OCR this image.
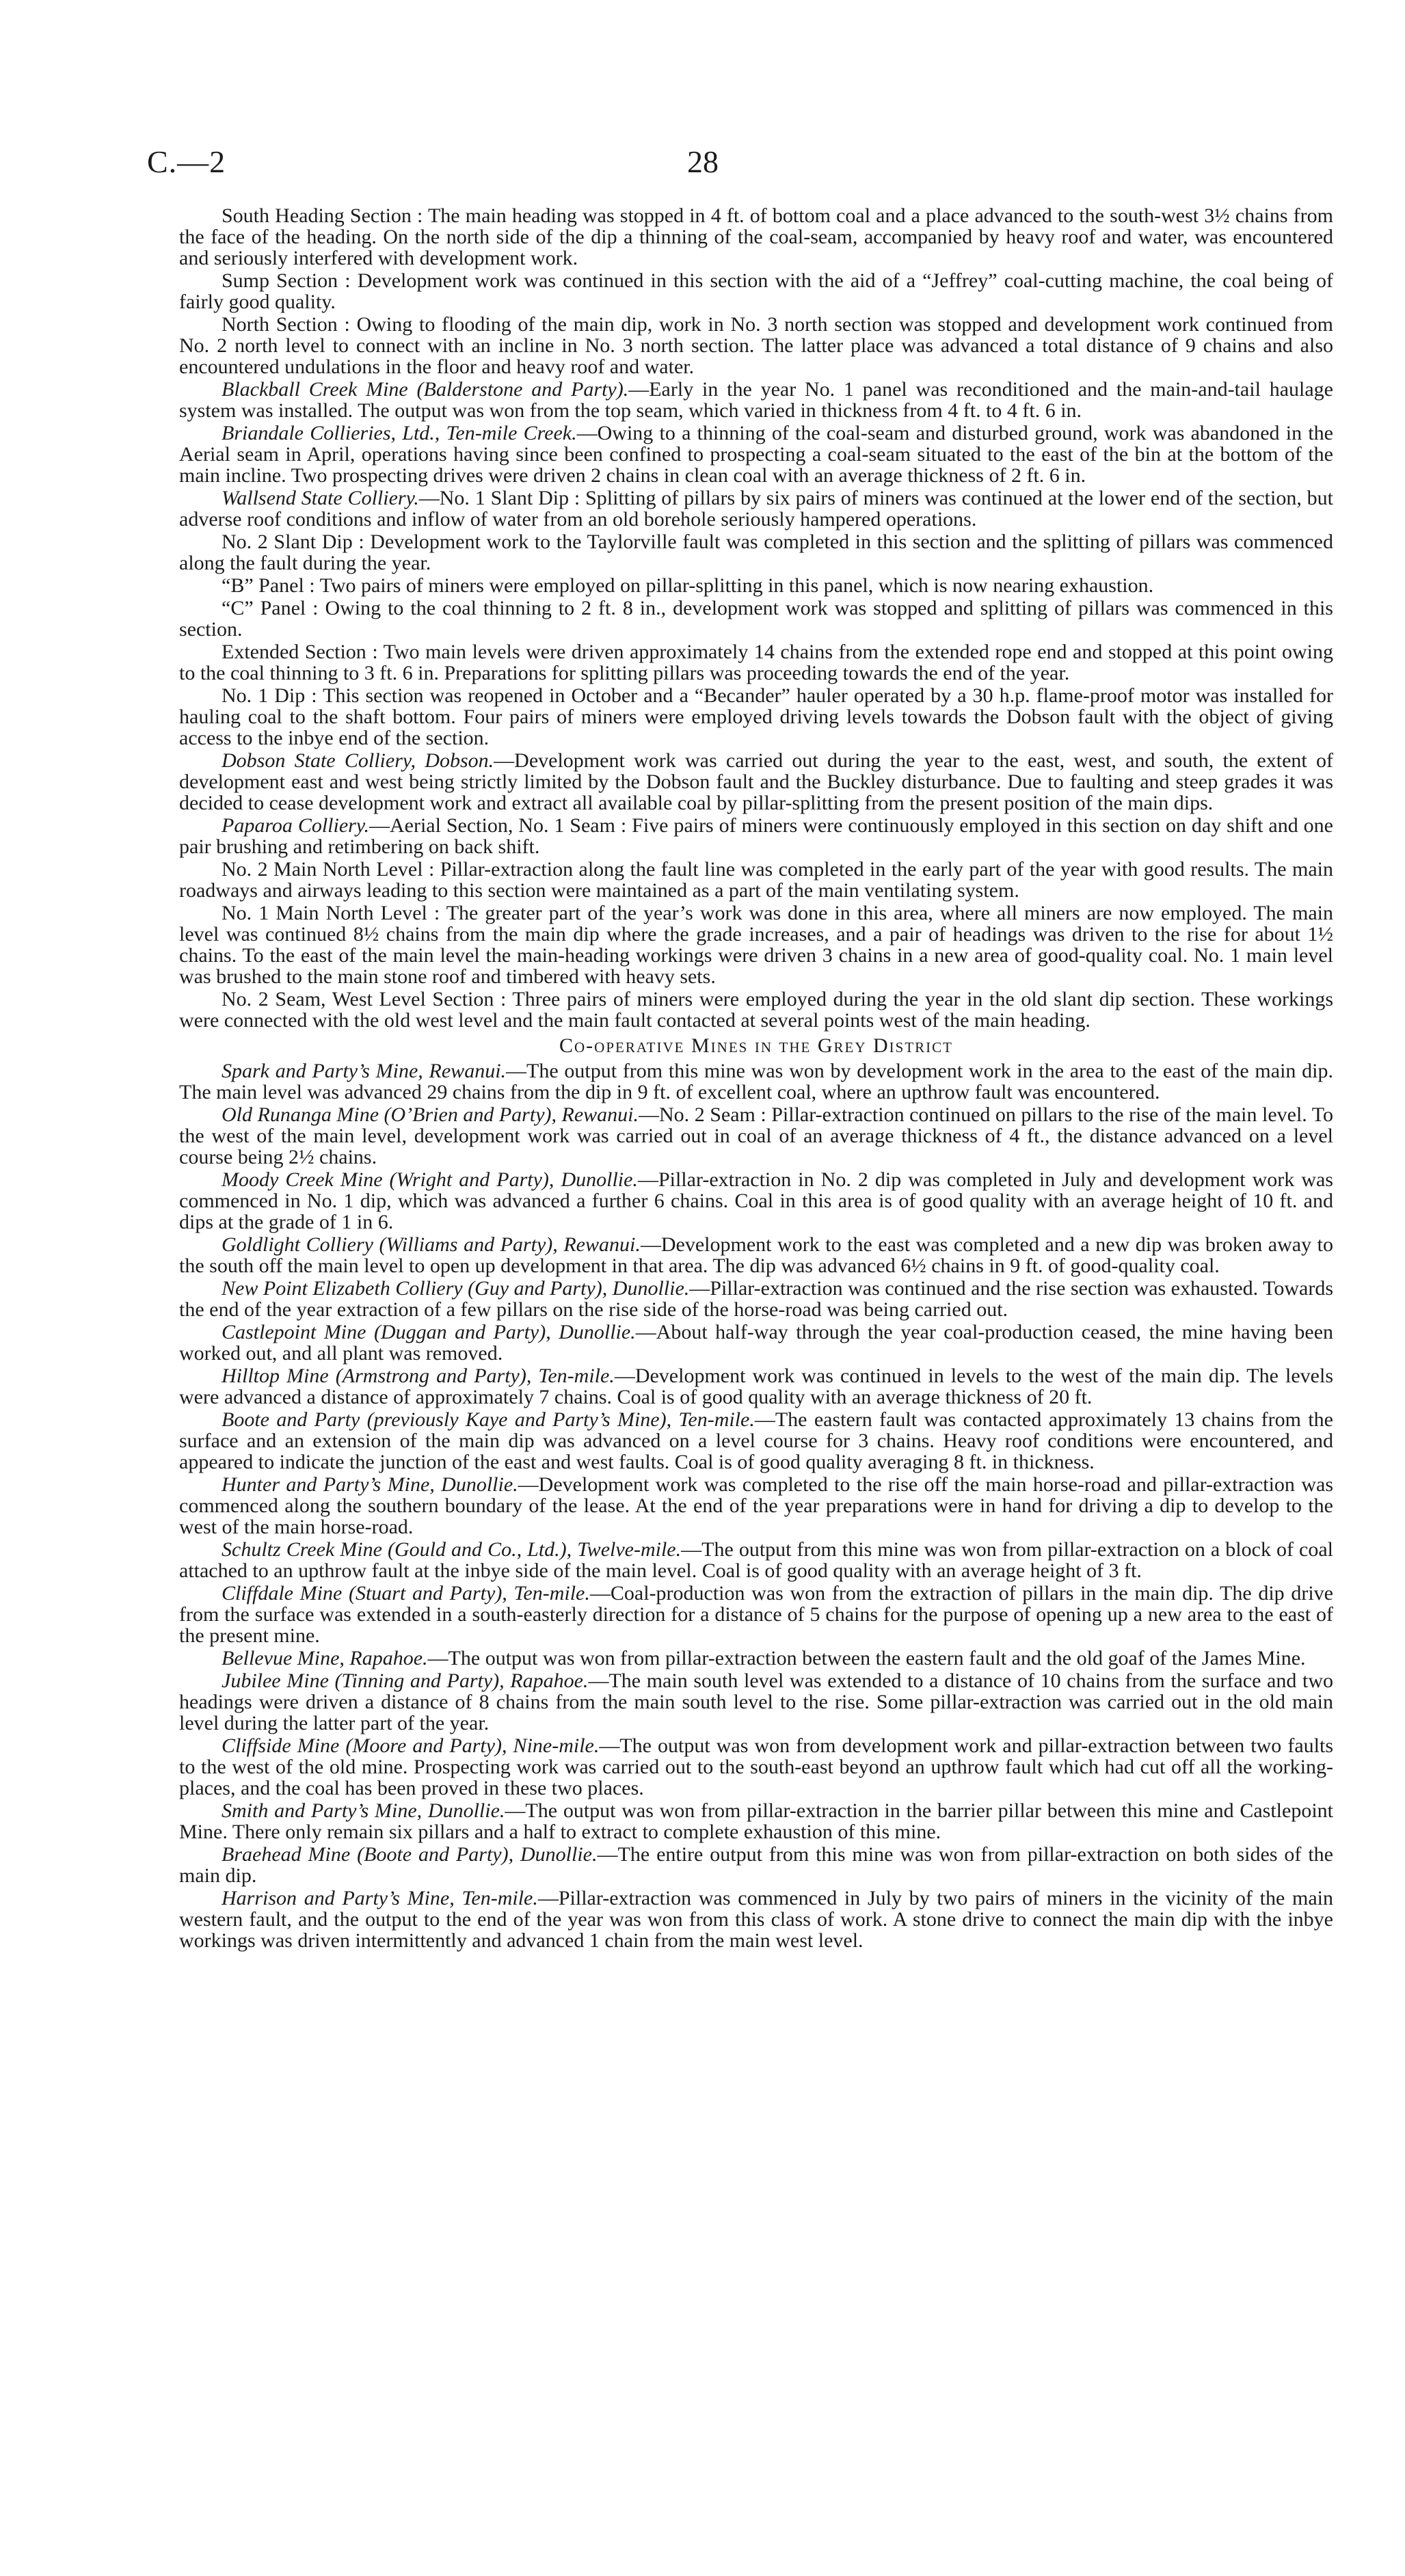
C.—2	28

South Heading Section : The main heading was stopped in 4 ft. of bottom coal and a place advanced to the south-west 3½ chains from the face of the heading. On the north side of the dip a thinning of the coal-seam, accompanied by heavy roof and water, was encountered and seriously interfered with development work.

Sump Section : Development work was continued in this section with the aid of a “Jeffrey” coal-cutting machine, the coal being of fairly good quality.

North Section : Owing to flooding of the main dip, work in No. 3 north section was stopped and development work continued from No. 2 north level to connect with an incline in No. 3 north section. The latter place was advanced a total distance of 9 chains and also encountered undulations in the floor and heavy roof and water.

Blackball Creek Mine (Balderstone and Party).—Early in the year No. 1 panel was reconditioned and the main-and-tail haulage system was installed. The output was won from the top seam, which varied in thickness from 4 ft. to 4 ft. 6 in.

Briandale Collieries, Ltd., Ten-mile Creek.—Owing to a thinning of the coal-seam and disturbed ground, work was abandoned in the Aerial seam in April, operations having since been confined to prospecting a coal-seam situated to the east of the bin at the bottom of the main incline. Two prospecting drives were driven 2 chains in clean coal with an average thickness of 2 ft. 6 in.

Wallsend State Colliery.—No. 1 Slant Dip : Splitting of pillars by six pairs of miners was continued at the lower end of the section, but adverse roof conditions and inflow of water from an old borehole seriously hampered operations.

No. 2 Slant Dip : Development work to the Taylorville fault was completed in this section and the splitting of pillars was commenced along the fault during the year.

“B” Panel : Two pairs of miners were employed on pillar-splitting in this panel, which is now nearing exhaustion.

“C” Panel : Owing to the coal thinning to 2 ft. 8 in., development work was stopped and splitting of pillars was commenced in this section.

Extended Section : Two main levels were driven approximately 14 chains from the extended rope end and stopped at this point owing to the coal thinning to 3 ft. 6 in. Preparations for splitting pillars was proceeding towards the end of the year.

No. 1 Dip : This section was reopened in October and a “Becander” hauler operated by a 30 h.p. flame-proof motor was installed for hauling coal to the shaft bottom. Four pairs of miners were employed driving levels towards the Dobson fault with the object of giving access to the inbye end of the section.

Dobson State Colliery, Dobson.—Development work was carried out during the year to the east, west, and south, the extent of development east and west being strictly limited by the Dobson fault and the Buckley disturbance. Due to faulting and steep grades it was decided to cease development work and extract all available coal by pillar-splitting from the present position of the main dips.

Paparoa Colliery.—Aerial Section, No. 1 Seam : Five pairs of miners were continuously employed in this section on day shift and one pair brushing and retimbering on back shift.

No. 2 Main North Level : Pillar-extraction along the fault line was completed in the early part of the year with good results. The main roadways and airways leading to this section were maintained as a part of the main ventilating system.

No. 1 Main North Level : The greater part of the year’s work was done in this area, where all miners are now employed. The main level was continued 8½ chains from the main dip where the grade increases, and a pair of headings was driven to the rise for about 1½ chains. To the east of the main level the main-heading workings were driven 3 chains in a new area of good-quality coal. No. 1 main level was brushed to the main stone roof and timbered with heavy sets.

No. 2 Seam, West Level Section : Three pairs of miners were employed during the year in the old slant dip section. These workings were connected with the old west level and the main fault contacted at several points west of the main heading.

Co-operative Mines in the Grey District

Spark and Party’s Mine, Rewanui.—The output from this mine was won by development work in the area to the east of the main dip. The main level was advanced 29 chains from the dip in 9 ft. of excellent coal, where an upthrow fault was encountered.

Old Runanga Mine (O’Brien and Party), Rewanui.—No. 2 Seam : Pillar-extraction continued on pillars to the rise of the main level. To the west of the main level, development work was carried out in coal of an average thickness of 4 ft., the distance advanced on a level course being 2½ chains.

Moody Creek Mine (Wright and Party), Dunollie.—Pillar-extraction in No. 2 dip was completed in July and development work was commenced in No. 1 dip, which was advanced a further 6 chains. Coal in this area is of good quality with an average height of 10 ft. and dips at the grade of 1 in 6.

Goldlight Colliery (Williams and Party), Rewanui.—Development work to the east was completed and a new dip was broken away to the south off the main level to open up development in that area. The dip was advanced 6½ chains in 9 ft. of good-quality coal.

New Point Elizabeth Colliery (Guy and Party), Dunollie.—Pillar-extraction was continued and the rise section was exhausted. Towards the end of the year extraction of a few pillars on the rise side of the horse-road was being carried out.

Castlepoint Mine (Duggan and Party), Dunollie.—About half-way through the year coal-production ceased, the mine having been worked out, and all plant was removed.

Hilltop Mine (Armstrong and Party), Ten-mile.—Development work was continued in levels to the west of the main dip. The levels were advanced a distance of approximately 7 chains. Coal is of good quality with an average thickness of 20 ft.

Boote and Party (previously Kaye and Party’s Mine), Ten-mile.—The eastern fault was contacted approximately 13 chains from the surface and an extension of the main dip was advanced on a level course for 3 chains. Heavy roof conditions were encountered, and appeared to indicate the junction of the east and west faults. Coal is of good quality averaging 8 ft. in thickness.

Hunter and Party’s Mine, Dunollie.—Development work was completed to the rise off the main horse-road and pillar-extraction was commenced along the southern boundary of the lease. At the end of the year preparations were in hand for driving a dip to develop to the west of the main horse-road.

Schultz Creek Mine (Gould and Co., Ltd.), Twelve-mile.—The output from this mine was won from pillar-extraction on a block of coal attached to an upthrow fault at the inbye side of the main level. Coal is of good quality with an average height of 3 ft.

Cliffdale Mine (Stuart and Party), Ten-mile.—Coal-production was won from the extraction of pillars in the main dip. The dip drive from the surface was extended in a south-easterly direction for a distance of 5 chains for the purpose of opening up a new area to the east of the present mine.

Bellevue Mine, Rapahoe.—The output was won from pillar-extraction between the eastern fault and the old goaf of the James Mine.

Jubilee Mine (Tinning and Party), Rapahoe.—The main south level was extended to a distance of 10 chains from the surface and two headings were driven a distance of 8 chains from the main south level to the rise. Some pillar-extraction was carried out in the old main level during the latter part of the year.

Cliffside Mine (Moore and Party), Nine-mile.—The output was won from development work and pillar-extraction between two faults to the west of the old mine. Prospecting work was carried out to the south-east beyond an upthrow fault which had cut off all the working-places, and the coal has been proved in these two places.

Smith and Party’s Mine, Dunollie.—The output was won from pillar-extraction in the barrier pillar between this mine and Castlepoint Mine. There only remain six pillars and a half to extract to complete exhaustion of this mine.

Braehead Mine (Boote and Party), Dunollie.—The entire output from this mine was won from pillar-extraction on both sides of the main dip.

Harrison and Party’s Mine, Ten-mile.—Pillar-extraction was commenced in July by two pairs of miners in the vicinity of the main western fault, and the output to the end of the year was won from this class of work. A stone drive to connect the main dip with the inbye workings was driven intermittently and advanced 1 chain from the main west level.
